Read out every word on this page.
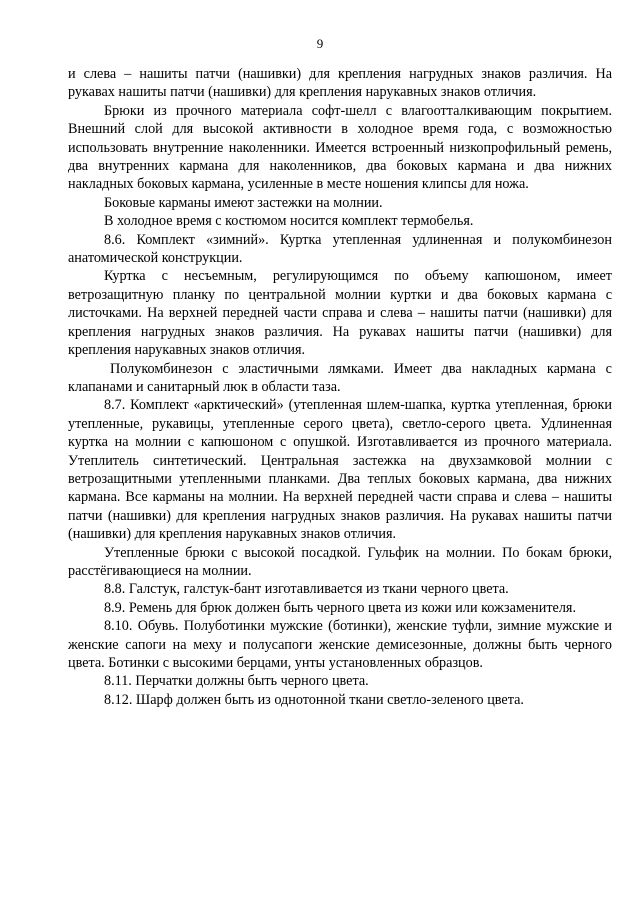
9

и слева – нашиты патчи (нашивки) для крепления нагрудных знаков различия. На рукавах нашиты патчи (нашивки) для крепления нарукавных знаков отличия.

Брюки из прочного материала софт-шелл с влагоотталкивающим покрытием. Внешний слой для высокой активности в холодное время года, с возможностью использовать внутренние наколенники. Имеется встроенный низкопрофильный ремень, два внутренних кармана для наколенников, два боковых кармана и два нижних накладных боковых кармана, усиленные в месте ношения клипсы для ножа.

Боковые карманы имеют застежки на молнии.

В холодное время с костюмом носится комплект термобелья.

8.6. Комплект «зимний». Куртка утепленная удлиненная и полукомбинезон анатомической конструкции.

Куртка с несъемным, регулирующимся по объему капюшоном, имеет ветрозащитную планку по центральной молнии куртки и два боковых кармана с листочками. На верхней передней части справа и слева – нашиты патчи (нашивки) для крепления нагрудных знаков различия. На рукавах нашиты патчи (нашивки) для крепления нарукавных знаков отличия.

Полукомбинезон с эластичными лямками. Имеет два накладных кармана с клапанами и санитарный люк в области таза.

8.7. Комплект «арктический» (утепленная шлем-шапка, куртка утепленная, брюки утепленные, рукавицы, утепленные серого цвета), светло-серого цвета. Удлиненная куртка на молнии с капюшоном с опушкой. Изготавливается из прочного материала. Утеплитель синтетический. Центральная застежка на двухзамковой молнии с ветрозащитными утепленными планками. Два теплых боковых кармана, два нижних кармана. Все карманы на молнии. На верхней передней части справа и слева – нашиты патчи (нашивки) для крепления нагрудных знаков различия. На рукавах нашиты патчи (нашивки) для крепления нарукавных знаков отличия.

Утепленные брюки с высокой посадкой. Гульфик на молнии. По бокам брюки, расстёгивающиеся на молнии.

8.8. Галстук, галстук-бант изготавливается из ткани черного цвета.

8.9. Ремень для брюк должен быть черного цвета из кожи или кожзаменителя.

8.10. Обувь. Полуботинки мужские (ботинки), женские туфли, зимние мужские и женские сапоги на меху и полусапоги женские демисезонные, должны быть черного цвета. Ботинки с высокими берцами, унты установленных образцов.

8.11. Перчатки должны быть черного цвета.

8.12. Шарф должен быть из однотонной ткани светло-зеленого цвета.
